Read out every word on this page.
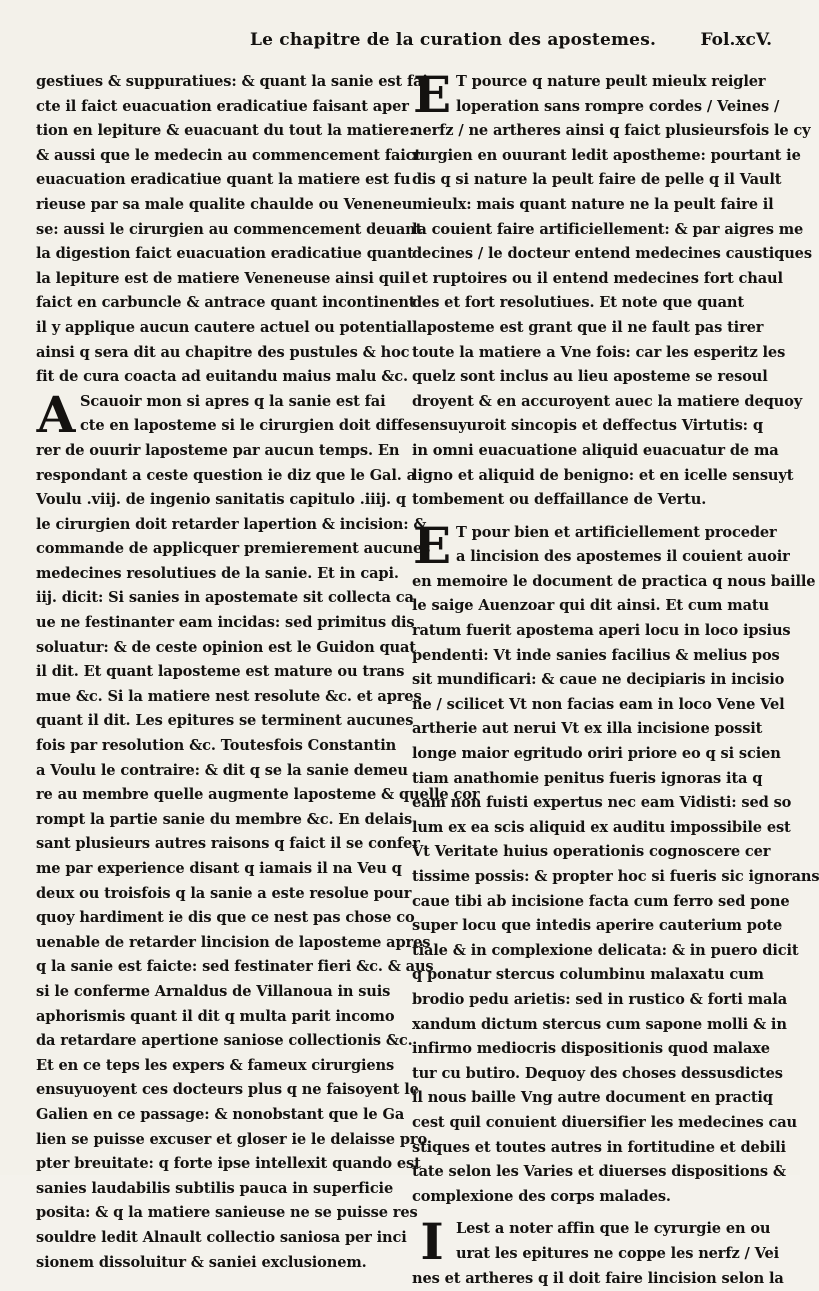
Le chapitre de la curation des apostemes.	Fol.xcV.
gestiues & suppuratiues: & quant la sanie est fai
cte il faict euacuation eradicatiue faisant aper
tion en lepiture & euacuant du tout la matiere:
& aussi que le medecin au commencement faict
euacuation eradicatiue quant la matiere est fu
rieuse par sa male qualite chaulde ou Veneneu
se: aussi le cirurgien au commencement deuant
la digestion faict euacuation eradicatiue quant
la lepiture est de matiere Veneneuse ainsi quil
faict en carbuncle & antrace quant incontinent
il y applique aucun cautere actuel ou potential
ainsi q sera dit au chapitre des pustules & hoc
fit de cura coacta ad euitandu maius malu &c.
A Scauoir mon si apres q la sanie est fai
cte en laposteme si le cirurgien doit diffe
rer de ouurir laposteme par aucun temps. En
respondant a ceste question ie diz que le Gal. a
Voulu .viij. de ingenio sanitatis capitulo .iiij. q
le cirurgien doit retarder lapertion & incision: &
commande de applicquer premierement aucunes
medecines resolutiues de la sanie. Et in capi.
iij. dicit: Si sanies in apostemate sit collecta ca
ue ne festinanter eam incidas: sed primitus dis
soluatur: & de ceste opinion est le Guidon quat
il dit. Et quant laposteme est mature ou trans
mue &c. Si la matiere nest resolute &c. et apres
quant il dit. Les epitures se terminent aucunes
fois par resolution &c. Toutesfois Constantin
a Voulu le contraire: & dit q se la sanie demeu
re au membre quelle augmente laposteme & quelle cor
rompt la partie sanie du membre &c. En delais
sant plusieurs autres raisons q faict il se confer
me par experience disant q iamais il na Veu q
deux ou troisfois q la sanie a este resolue pour
quoy hardiment ie dis que ce nest pas chose co
uenable de retarder lincision de laposteme apres
q la sanie est faicte: sed festinater fieri &c. & aus
si le conferme Arnaldus de Villanoua in suis
aphorismis quant il dit q multa parit incomo
da retardare apertione saniose collectionis &c.
Et en ce teps les expers & fameux cirurgiens
ensuyuoyent ces docteurs plus q ne faisoyent le
Galien en ce passage: & nonobstant que le Ga
lien se puisse excuser et gloser ie le delaisse pro
pter breuitate: q forte ipse intellexit quando est
sanies laudabilis subtilis pauca in superficie
posita: & q la matiere sanieuse ne se puisse res
souldre ledit Alnault collectio saniosa per inci
sionem dissoluitur & saniei exclusionem.
E T pource q nature peult mieulx reigler
loperation sans rompre cordes / Veines /
nerfz / ne artheres ainsi q faict plusieursfois le cy
rurgien en ouurant ledit apostheme: pourtant ie
dis q si nature la peult faire de pelle q il Vault
mieulx: mais quant nature ne la peult faire il
la couient faire artificiellement: & par aigres me
decines / le docteur entend medecines caustiques
et ruptoires ou il entend medecines fort chaul
des et fort resolutiues. Et note que quant
laposteme est grant que il ne fault pas tirer
toute la matiere a Vne fois: car les esperitz les
quelz sont inclus au lieu aposteme se resoul
droyent & en accuroyent auec la matiere dequoy
sensuyuroit sincopis et deffectus Virtutis: q
in omni euacuatione aliquid euacuatur de ma
ligno et aliquid de benigno: et en icelle sensuyt
tombement ou deffaillance de Vertu.
E T pour bien et artificiellement proceder
a lincision des apostemes il couient auoir
en memoire le document de practica q nous baille
le saige Auenzoar qui dit ainsi. Et cum matu
ratum fuerit apostema aperi locu in loco ipsius
pendenti: Vt inde sanies facilius & melius pos
sit mundificari: & caue ne decipiaris in incisio
ne / scilicet Vt non facias eam in loco Vene Vel
artherie aut nerui Vt ex illa incisione possit
longe maior egritudo oriri priore eo q si scien
tiam anathomie penitus fueris ignoras ita q
eam non fuisti expertus nec eam Vidisti: sed so
lum ex ea scis aliquid ex auditu impossibile est
Vt Veritate huius operationis cognoscere cer
tissime possis: & propter hoc si fueris sic ignorans
caue tibi ab incisione facta cum ferro sed pone
super locu que intedis aperire cauterium pote
tiale & in complexione delicata: & in puero dicit
q ponatur stercus columbinu malaxatu cum
brodio pedu arietis: sed in rustico & forti mala
xandum dictum stercus cum sapone molli & in
infirmo mediocris dispositionis quod malaxe
tur cu butiro. Dequoy des choses dessusdictes
il nous baille Vng autre document en practiq
cest quil conuient diuersifier les medecines cau
stiques et toutes autres in fortitudine et debili
tate selon les Varies et diuerses dispositions &
complexione des corps malades.
I Lest a noter affin que le cyrurgie en ou
urat les epitures ne coppe les nerfz / Vei
nes et artheres q il doit faire lincision selon la
